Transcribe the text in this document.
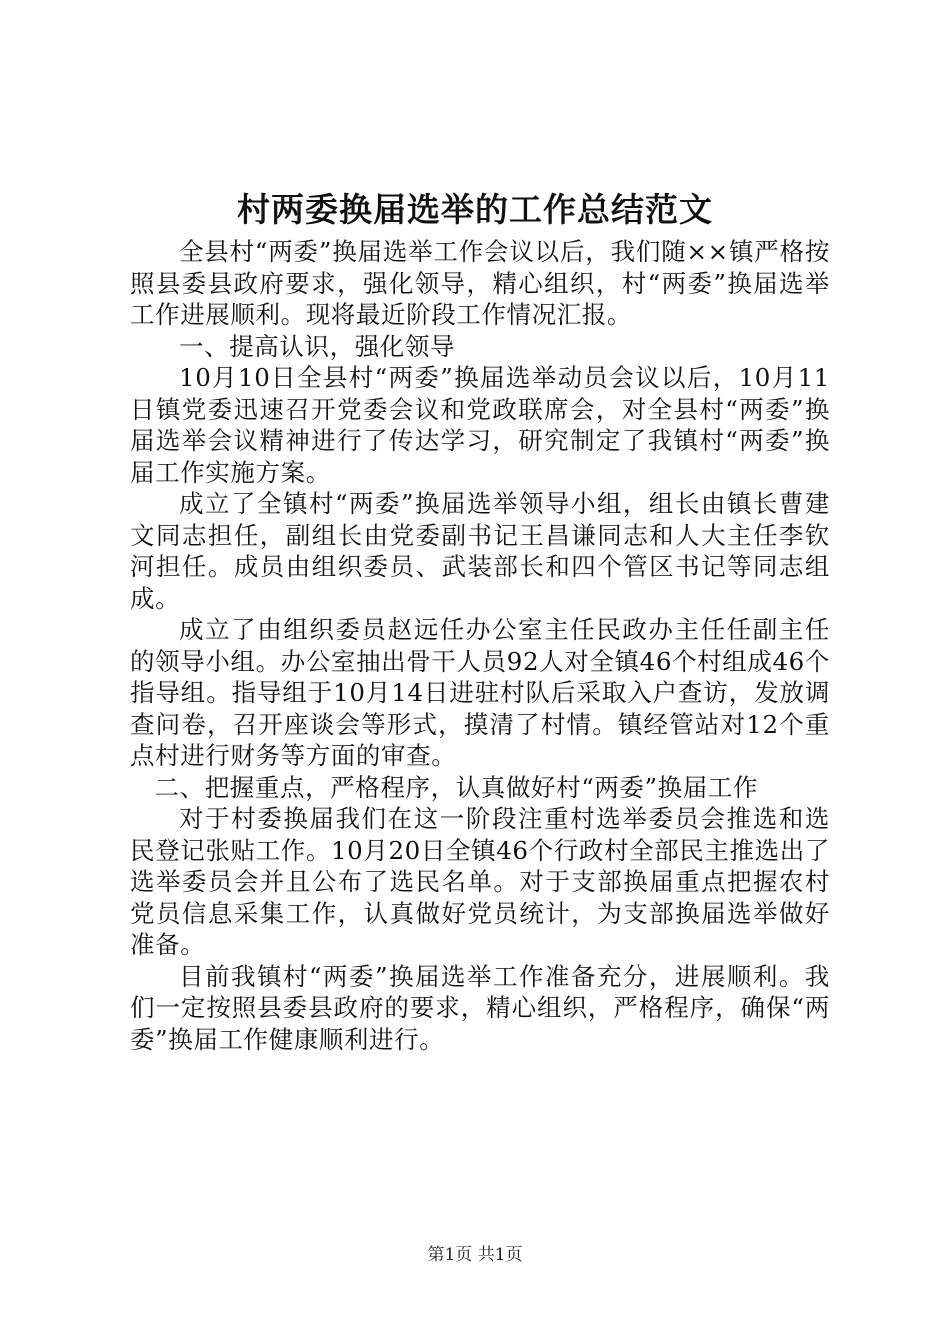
村两委换届选举的工作总结范文

全县村“两委”换届选举工作会议以后，我们随××镇严格按照县委县政府要求，强化领导，精心组织，村“两委”换届选举工作进展顺利。现将最近阶段工作情况汇报。

一、提高认识，强化领导

10月10日全县村“两委”换届选举动员会议以后，10月11日镇党委迅速召开党委会议和党政联席会，对全县村“两委”换届选举会议精神进行了传达学习，研究制定了我镇村“两委”换届工作实施方案。

成立了全镇村“两委”换届选举领导小组，组长由镇长曹建文同志担任，副组长由党委副书记王昌谦同志和人大主任李钦河担任。成员由组织委员、武装部长和四个管区书记等同志组成。

成立了由组织委员赵远任办公室主任民政办主任任副主任的领导小组。办公室抽出骨干人员92人对全镇46个村组成46个指导组。指导组于10月14日进驻村队后采取入户查访，发放调查问卷，召开座谈会等形式，摸清了村情。镇经管站对12个重点村进行财务等方面的审查。

二、把握重点，严格程序，认真做好村“两委”换届工作

对于村委换届我们在这一阶段注重村选举委员会推选和选民登记张贴工作。10月20日全镇46个行政村全部民主推选出了选举委员会并且公布了选民名单。对于支部换届重点把握农村党员信息采集工作，认真做好党员统计，为支部换届选举做好准备。

目前我镇村“两委”换届选举工作准备充分，进展顺利。我们一定按照县委县政府的要求，精心组织，严格程序，确保“两委”换届工作健康顺利进行。

第1页 共1页
